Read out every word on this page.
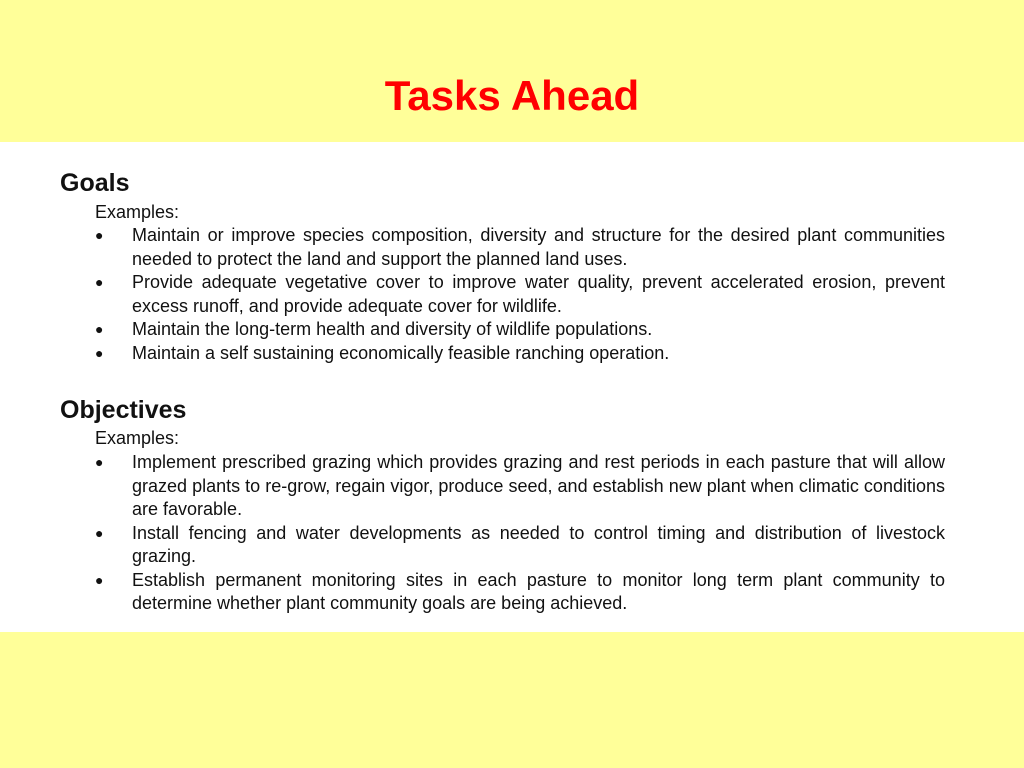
Tasks Ahead
Goals

Examples:

●	Maintain or improve species composition, diversity and structure for the desired plant communities needed to protect the land and support the planned land uses.
●	Provide adequate vegetative cover to improve water quality, prevent accelerated erosion, prevent excess runoff, and provide adequate cover for wildlife.
●	Maintain the long-term health and diversity of wildlife populations.
●	Maintain a self sustaining economically feasible ranching operation.
Objectives

Examples:

●	Implement prescribed grazing which provides grazing and rest periods in each pasture that will allow grazed plants to re-grow, regain vigor, produce seed, and establish new plant when climatic conditions are favorable.
●	Install fencing and water developments as needed to control timing and distribution of livestock grazing.
●	Establish permanent monitoring sites in each pasture to monitor long term plant community to determine whether plant community goals are being achieved.
